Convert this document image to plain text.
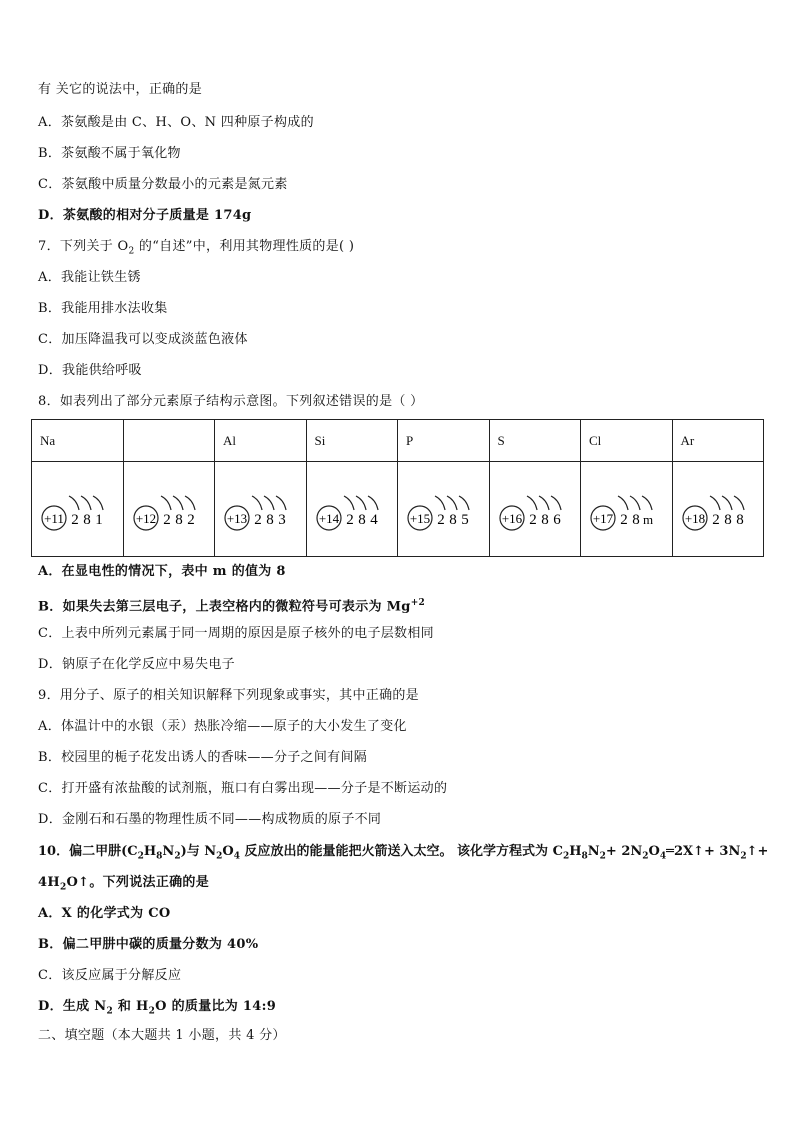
有 关它的说法中，正确的是
A．茶氨酸是由 C、H、O、N 四种原子构成的
B．茶氨酸不属于氧化物
C．茶氨酸中质量分数最小的元素是氮元素
D．茶氨酸的相对分子质量是 174g
7．下列关于 $O_2$ 的“自述”中，利用其物理性质的是( )
A．我能让铁生锈
B．我能用排水法收集
C．加压降温我可以变成淡蓝色液体
D．我能供给呼吸
8．如表列出了部分元素原子结构示意图。下列叙述错误的是（ ）
Na		Al	Si	P	S	Cl	Ar

+11 2 8 1	+12 2 8 2	+13 2 8 3	+14 2 8 4	+15 2 8 5	+16 2 8 6	+17 2 8 m	+18 2 8 8
A．在显电性的情况下，表中 m 的值为 8
B．如果失去第三层电子，上表空格内的微粒符号可表示为 $Mg^{+2}$
C．上表中所列元素属于同一周期的原因是原子核外的电子层数相同
D．钠原子在化学反应中易失电子
9．用分子、原子的相关知识解释下列现象或事实，其中正确的是
A．体温计中的水银（汞）热胀冷缩——原子的大小发生了变化
B．校园里的栀子花发出诱人的香味——分子之间有间隔
C．打开盛有浓盐酸的试剂瓶，瓶口有白雾出现——分子是不断运动的
D．金刚石和石墨的物理性质不同——构成物质的原子不同
10．偏二甲肼$(C_2H_8N_2)$与 $N_2O_4$ 反应放出的能量能把火箭送入太空。 该化学方程式为 $C_2H_8N_2+$ $2N_2O_4═2X↑+$ $3N_2↑+$
$4H_2O↑$。下列说法正确的是
A．X 的化学式为 CO
B．偏二甲肼中碳的质量分数为 40%
C．该反应属于分解反应
D．生成 $N_2$ 和 $H_2O$ 的质量比为 14:9
二、填空题（本大题共 1 小题，共 4 分）
